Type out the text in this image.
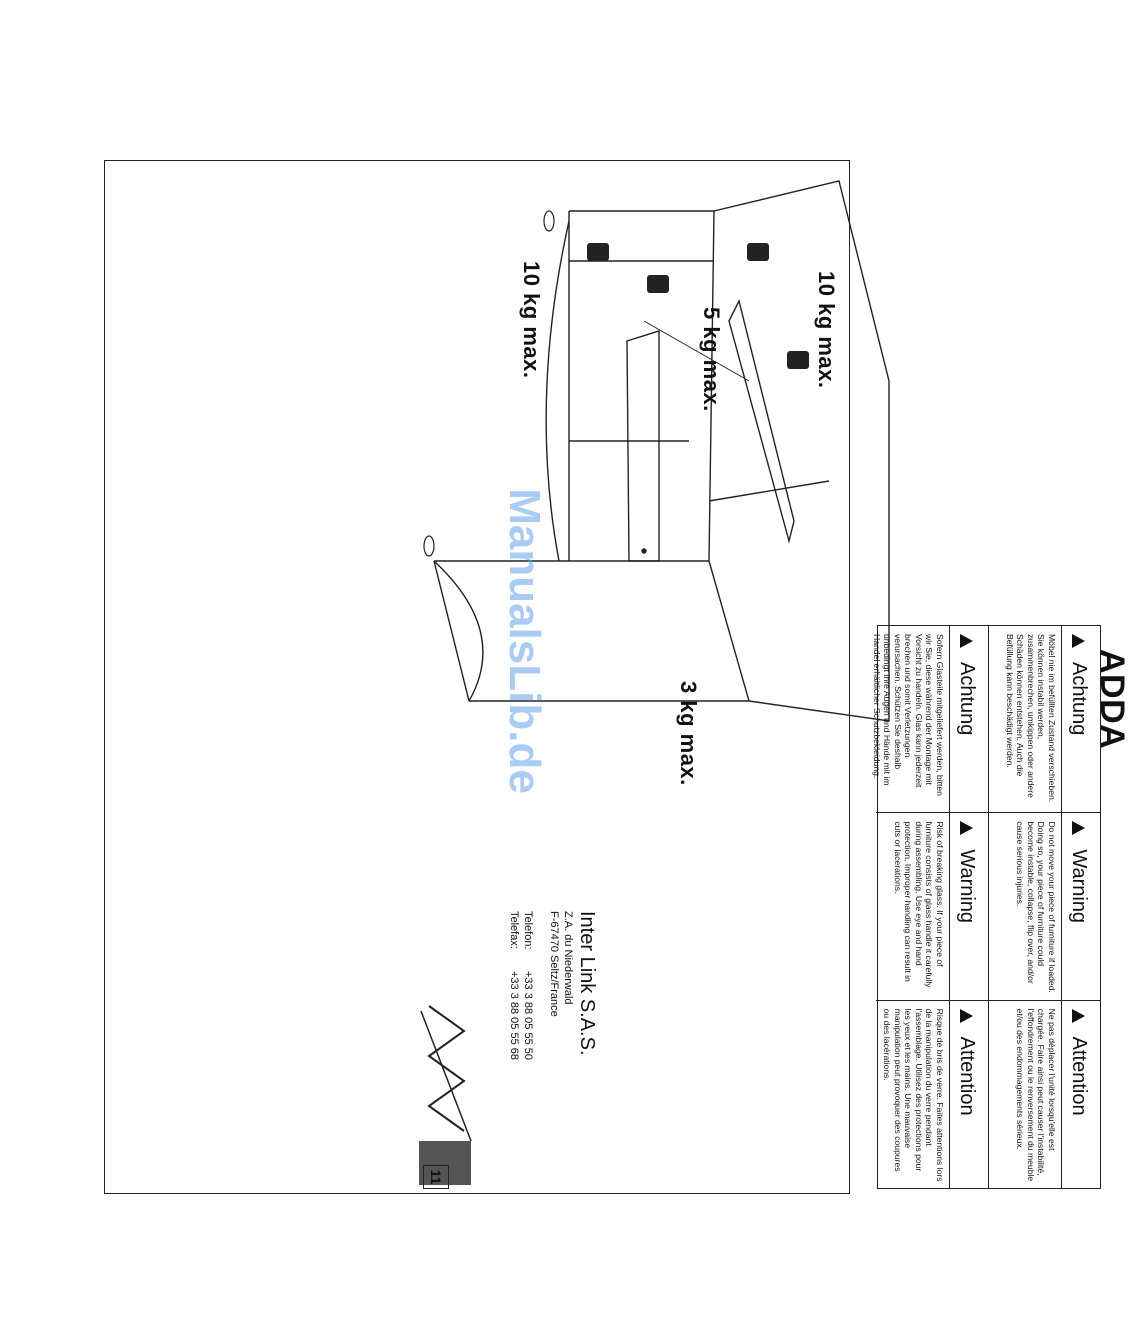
ADDA
Achtung
Möbel nie im befüllten Zustand verschieben. Sie können instabil werden, zusammenbrechen, umkippen oder andere Schäden können entstehen. Auch die Befüllung kann beschädigt werden.
Warning
Do not move your piece of furniture if loaded. Doing so, your piece of furniture could become instable, collapse, flip over, and/or cause serious injuries.
Attention
Ne pas déplacer l'unité lorsqu'elle est chargée. Faire ainsi peut causer l'instabilité, l'effondrement ou le renversement du meuble et/ou des endommagements sérieux.
Achtung
Sofern Glasteile mitgeliefert werden, bitten wir Sie, diese während der Montage mit Vorsicht zu handeln. Glas kann jederzeit brechen und somit Verletzungen verursachen. Schützen Sie deshalb unbedingt Ihre Augen und Hände mit im Handel erhältlicher Schutzbekleidung.
Warning
Risk of breaking glass. If your piece of furniture consists of glass handle it carefully during assembling. Use eye and hand protection. Improper handling can result in cuts or lacerations.
Attention
Risque de bris de verre. Faites attentions lors de la manipulation du verre pendant l'assemblage. Utilisez des protections pour les yeux et les mains. Une mauvaise manipulation peut provoquer des coupures ou des lacérations.
10 kg max.
5 kg max.
10 kg max.
3 kg max.
ManualsLib.de
Inter Link S.A.S.
Z.A. du Niederwald
F-67470 Seltz/France
Telefon:
+33 3 88 05 55 50
Telefax:
+33 3 88 05 55 68
11
